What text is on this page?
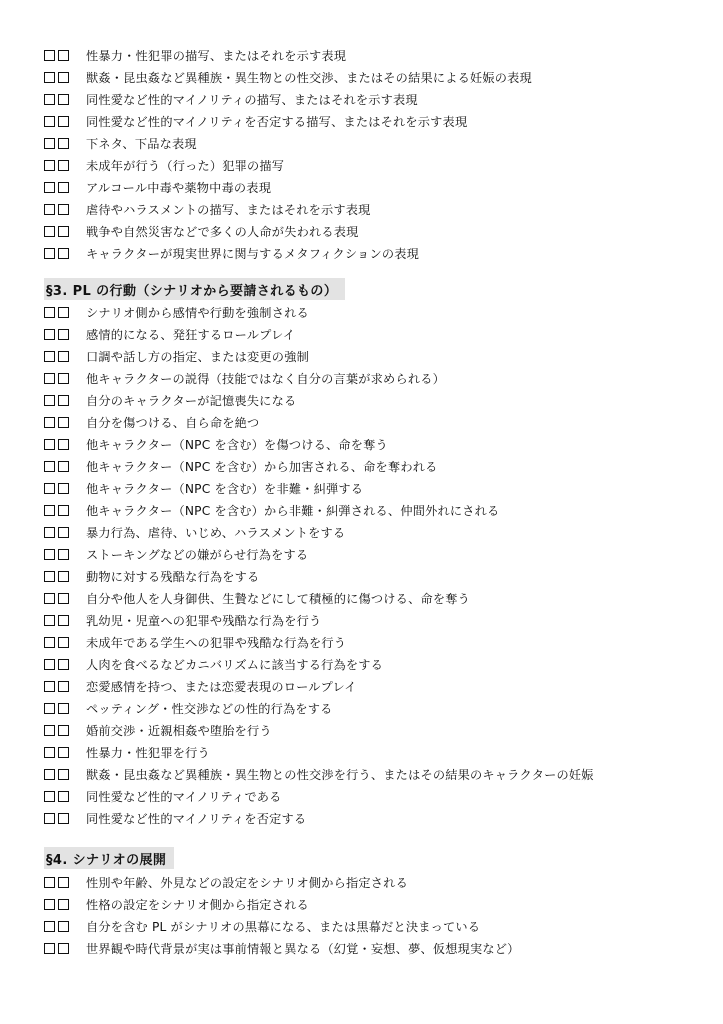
性暴力・性犯罪の描写、またはそれを示す表現
獣姦・昆虫姦など異種族・異生物との性交渉、またはその結果による妊娠の表現
同性愛など性的マイノリティの描写、またはそれを示す表現
同性愛など性的マイノリティを否定する描写、またはそれを示す表現
下ネタ、下品な表現
未成年が行う（行った）犯罪の描写
アルコール中毒や薬物中毒の表現
虐待やハラスメントの描写、またはそれを示す表現
戦争や自然災害などで多くの人命が失われる表現
キャラクターが現実世界に関与するメタフィクションの表現
§3. PL の行動（シナリオから要請されるもの）
シナリオ側から感情や行動を強制される
感情的になる、発狂するロールプレイ
口調や話し方の指定、または変更の強制
他キャラクターの説得（技能ではなく自分の言葉が求められる）
自分のキャラクターが記憶喪失になる
自分を傷つける、自ら命を絶つ
他キャラクター（NPC を含む）を傷つける、命を奪う
他キャラクター（NPC を含む）から加害される、命を奪われる
他キャラクター（NPC を含む）を非難・糾弾する
他キャラクター（NPC を含む）から非難・糾弾される、仲間外れにされる
暴力行為、虐待、いじめ、ハラスメントをする
ストーキングなどの嫌がらせ行為をする
動物に対する残酷な行為をする
自分や他人を人身御供、生贄などにして積極的に傷つける、命を奪う
乳幼児・児童への犯罪や残酷な行為を行う
未成年である学生への犯罪や残酷な行為を行う
人肉を食べるなどカニバリズムに該当する行為をする
恋愛感情を持つ、または恋愛表現のロールプレイ
ペッティング・性交渉などの性的行為をする
婚前交渉・近親相姦や堕胎を行う
性暴力・性犯罪を行う
獣姦・昆虫姦など異種族・異生物との性交渉を行う、またはその結果のキャラクターの妊娠
同性愛など性的マイノリティである
同性愛など性的マイノリティを否定する
§4. シナリオの展開
性別や年齢、外見などの設定をシナリオ側から指定される
性格の設定をシナリオ側から指定される
自分を含む PL がシナリオの黒幕になる、または黒幕だと決まっている
世界観や時代背景が実は事前情報と異なる（幻覚・妄想、夢、仮想現実など）
